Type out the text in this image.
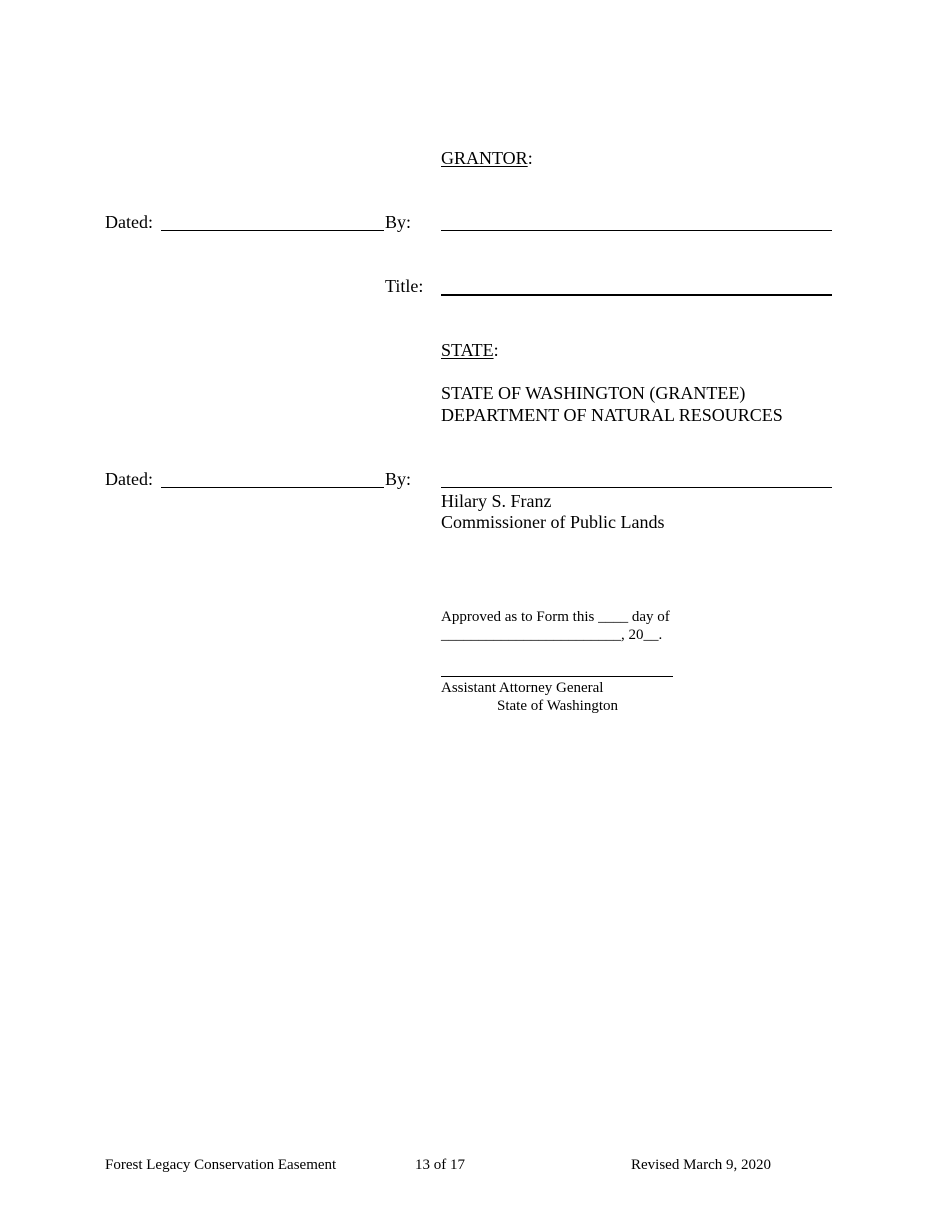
GRANTOR:
Dated:	By:
Title:
STATE:
STATE OF WASHINGTON (GRANTEE)
DEPARTMENT OF NATURAL RESOURCES
Dated:	By:
Hilary S. Franz
Commissioner of Public Lands
Approved as to Form this ____ day of
________________________, 20__.
Assistant Attorney General
State of Washington
Forest Legacy Conservation Easement	13 of 17	Revised March 9, 2020
